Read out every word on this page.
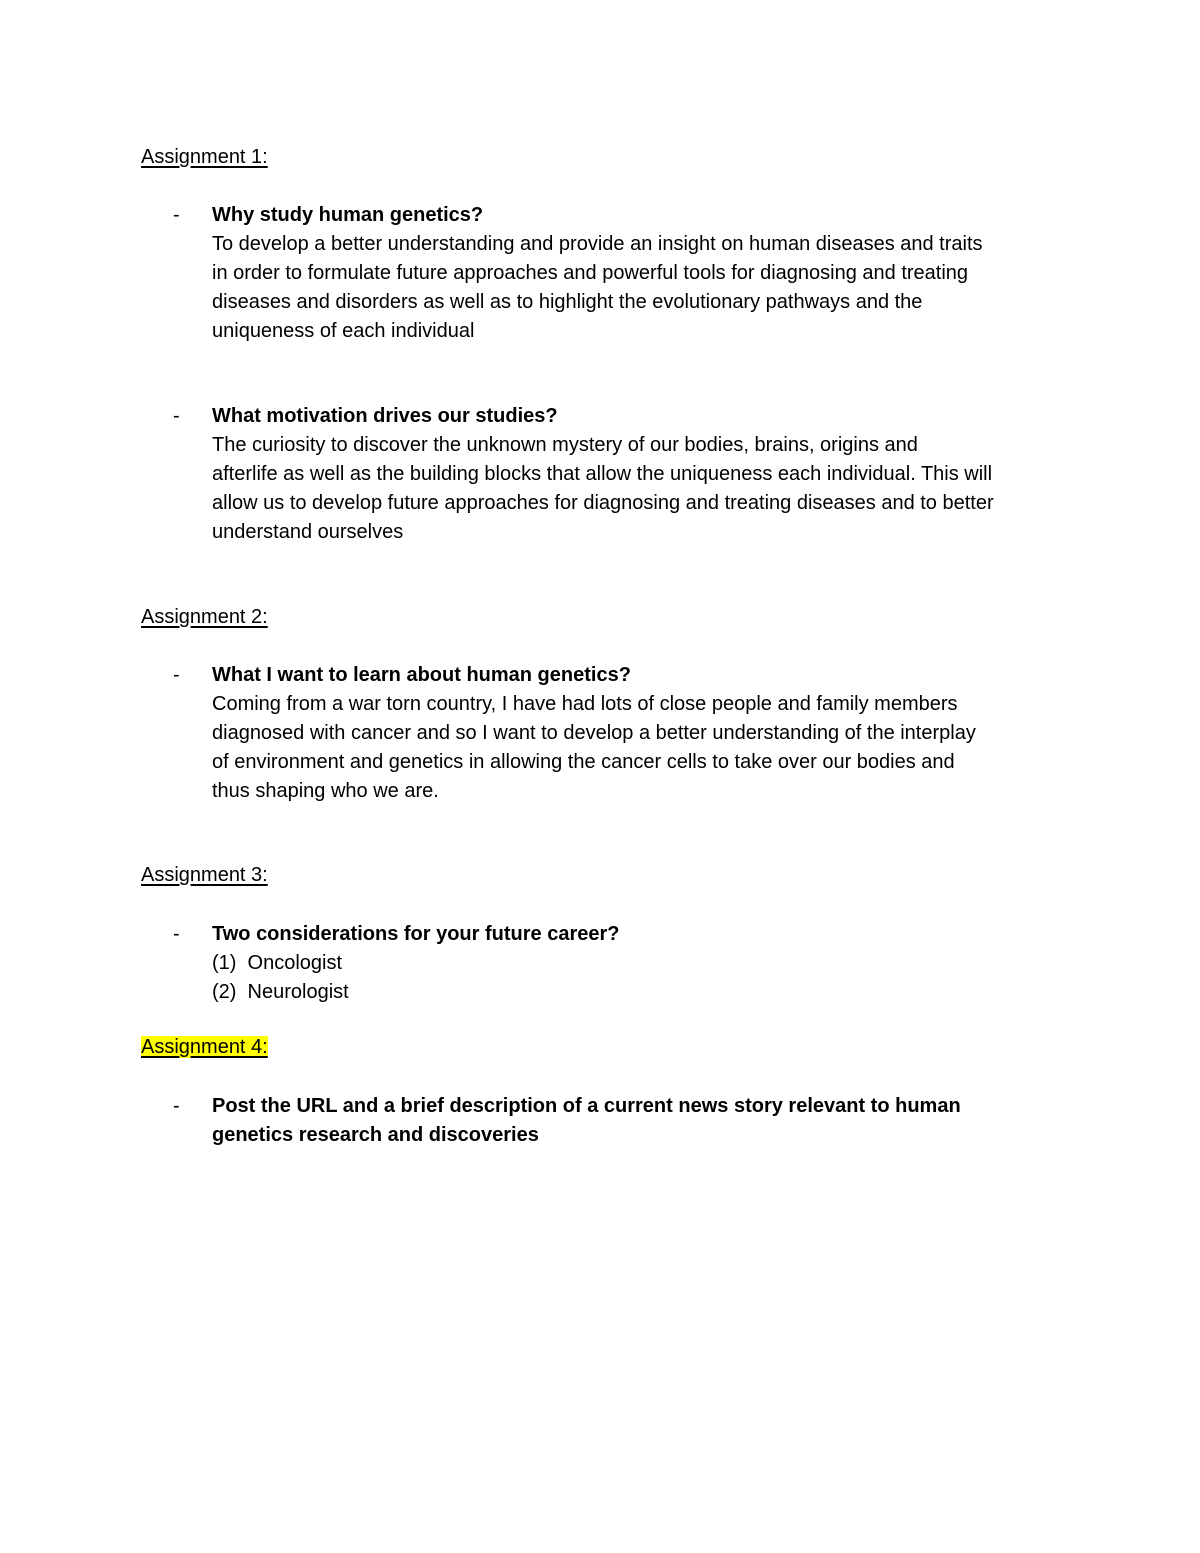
Assignment 1:
- Why study human genetics?
To develop a better understanding and provide an insight on human diseases and traits
in order to formulate future approaches and powerful tools for diagnosing and treating
diseases and disorders as well as to highlight the evolutionary pathways and the
uniqueness of each individual
- What motivation drives our studies?
The curiosity to discover the unknown mystery of our bodies, brains, origins and
afterlife as well as the building blocks that allow the uniqueness each individual. This will
allow us to develop future approaches for diagnosing and treating diseases and to better
understand ourselves
Assignment 2:
- What I want to learn about human genetics?
Coming from a war torn country, I have had lots of close people and family members
diagnosed with cancer and so I want to develop a better understanding of the interplay
of environment and genetics in allowing the cancer cells to take over our bodies and
thus shaping who we are.
Assignment 3:
- Two considerations for your future career?
(1)  Oncologist
(2)  Neurologist
Assignment 4:
- Post the URL and a brief description of a current news story relevant to human
genetics research and discoveries
